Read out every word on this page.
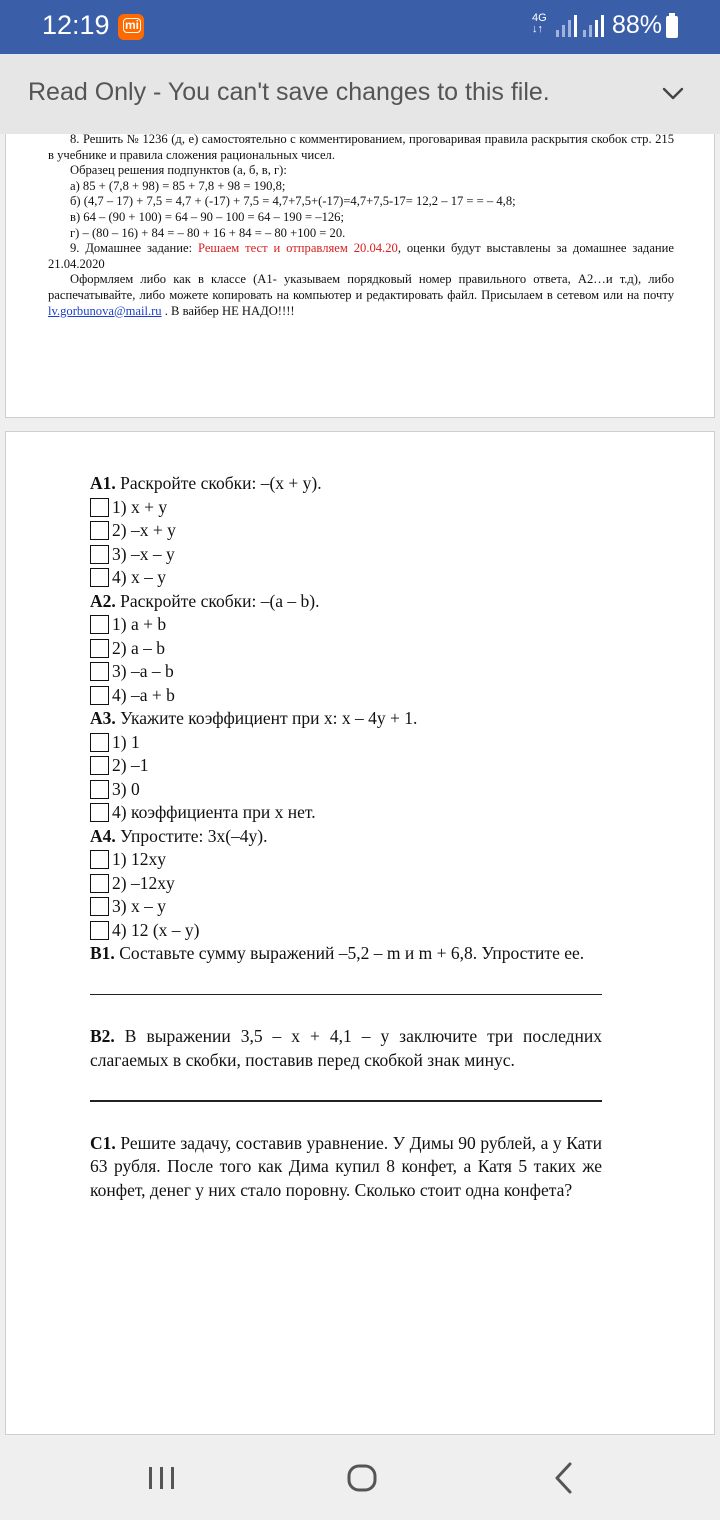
12:19
mi	4G
↓↑	88%
Read Only - You can't save changes to this file.

8. Решить № 1236 (д, е) самостоятельно с комментированием, проговаривая правила раскрытия скобок стр. 215 в учебнике и правила сложения рациональных чисел.

Образец решения подпунктов (а, б, в, г):

а) 85 + (7,8 + 98) = 85 + 7,8 + 98 = 190,8;

б) (4,7 – 17) + 7,5 = 4,7 + (-17) + 7,5 = 4,7+7,5+(-17)=4,7+7,5-17= 12,2 – 17 = = – 4,8;

в) 64 – (90 + 100) = 64 – 90 – 100 = 64 – 190 = –126;

г) – (80 – 16) + 84 = – 80 + 16 + 84 = – 80 +100 = 20.

9. Домашнее задание: Решаем тест и отправляем 20.04.20, оценки будут выставлены за домашнее задание 21.04.2020

Оформляем либо как в классе (А1- указываем порядковый номер правильного ответа, А2…и т.д), либо распечатывайте, либо можете копировать на компьютер и редактировать файл. Присылаем в сетевом или на почту lv.gorbunova@mail.ru . В вайбер НЕ НАДО!!!!

А1. Раскройте скобки: –(x + y).
1) x + y
2) –x + y
3) –x – y
4) x – y
А2. Раскройте скобки: –(a – b).
1) a + b
2) a – b
3) –a – b
4) –a + b
А3. Укажите коэффициент при x: x – 4y + 1.
1) 1
2) –1
3) 0
4) коэффициента при x нет.
А4. Упростите: 3x(–4y).
1) 12xy
2) –12xy
3) x – y
4) 12 (x – y)
В1. Составьте сумму выражений –5,2 – m и m + 6,8. Упростите ее.
В2. В выражении 3,5 – x + 4,1 – y заключите три последних слагаемых в скобки, поставив перед скобкой знак минус.
С1. Решите задачу, составив уравнение. У Димы 90 рублей, а у Кати 63 рубля. После того как Дима купил 8 конфет, а Катя 5 таких же конфет, денег у них стало поровну. Сколько стоит одна конфета?
